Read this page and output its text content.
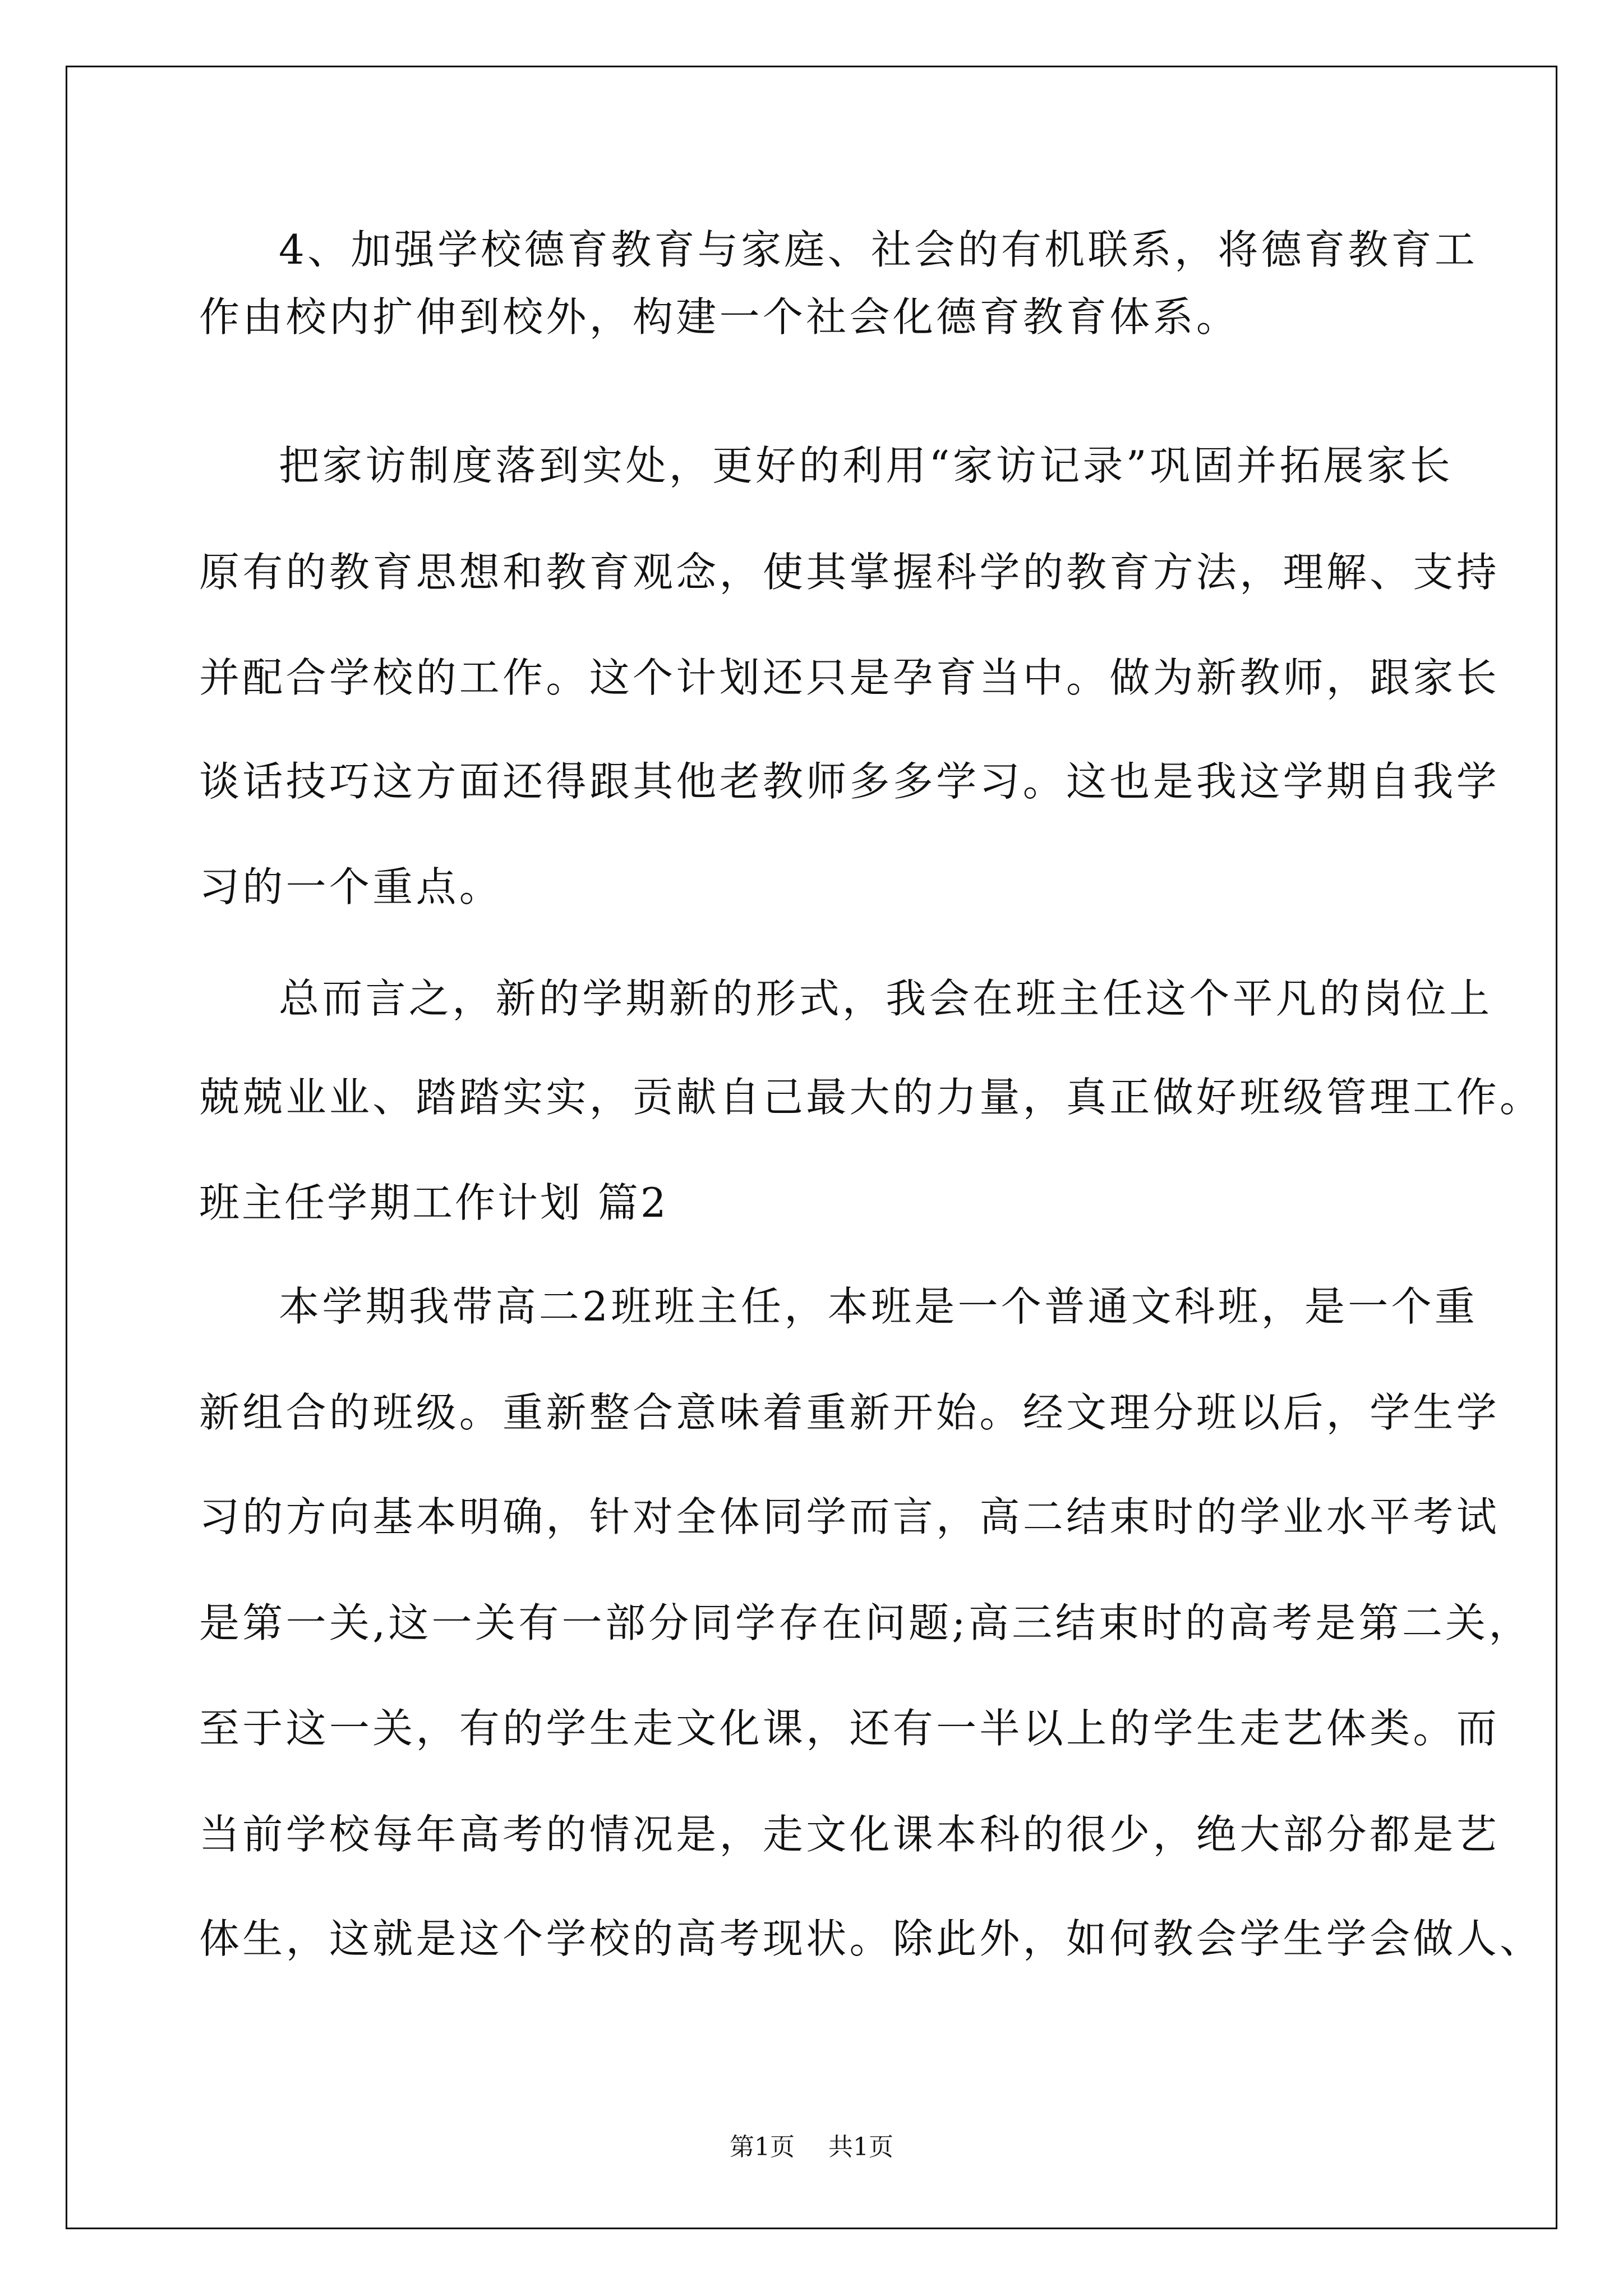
4、加强学校德育教育与家庭、社会的有机联系，将德育教育工
作由校内扩伸到校外，构建一个社会化德育教育体系。
把家访制度落到实处，更好的利用“家访记录”巩固并拓展家长
原有的教育思想和教育观念，使其掌握科学的教育方法，理解、支持
并配合学校的工作。这个计划还只是孕育当中。做为新教师，跟家长
谈话技巧这方面还得跟其他老教师多多学习。这也是我这学期自我学
习的一个重点。
总而言之，新的学期新的形式，我会在班主任这个平凡的岗位上
兢兢业业、踏踏实实，贡献自己最大的力量，真正做好班级管理工作。
班主任学期工作计划 篇2
本学期我带高二2班班主任，本班是一个普通文科班，是一个重
新组合的班级。重新整合意味着重新开始。经文理分班以后，学生学
习的方向基本明确，针对全体同学而言，高二结束时的学业水平考试
是第一关,这一关有一部分同学存在问题;高三结束时的高考是第二关，
至于这一关，有的学生走文化课，还有一半以上的学生走艺体类。而
当前学校每年高考的情况是，走文化课本科的很少，绝大部分都是艺
体生，这就是这个学校的高考现状。除此外，如何教会学生学会做人、
第1页 共1页
